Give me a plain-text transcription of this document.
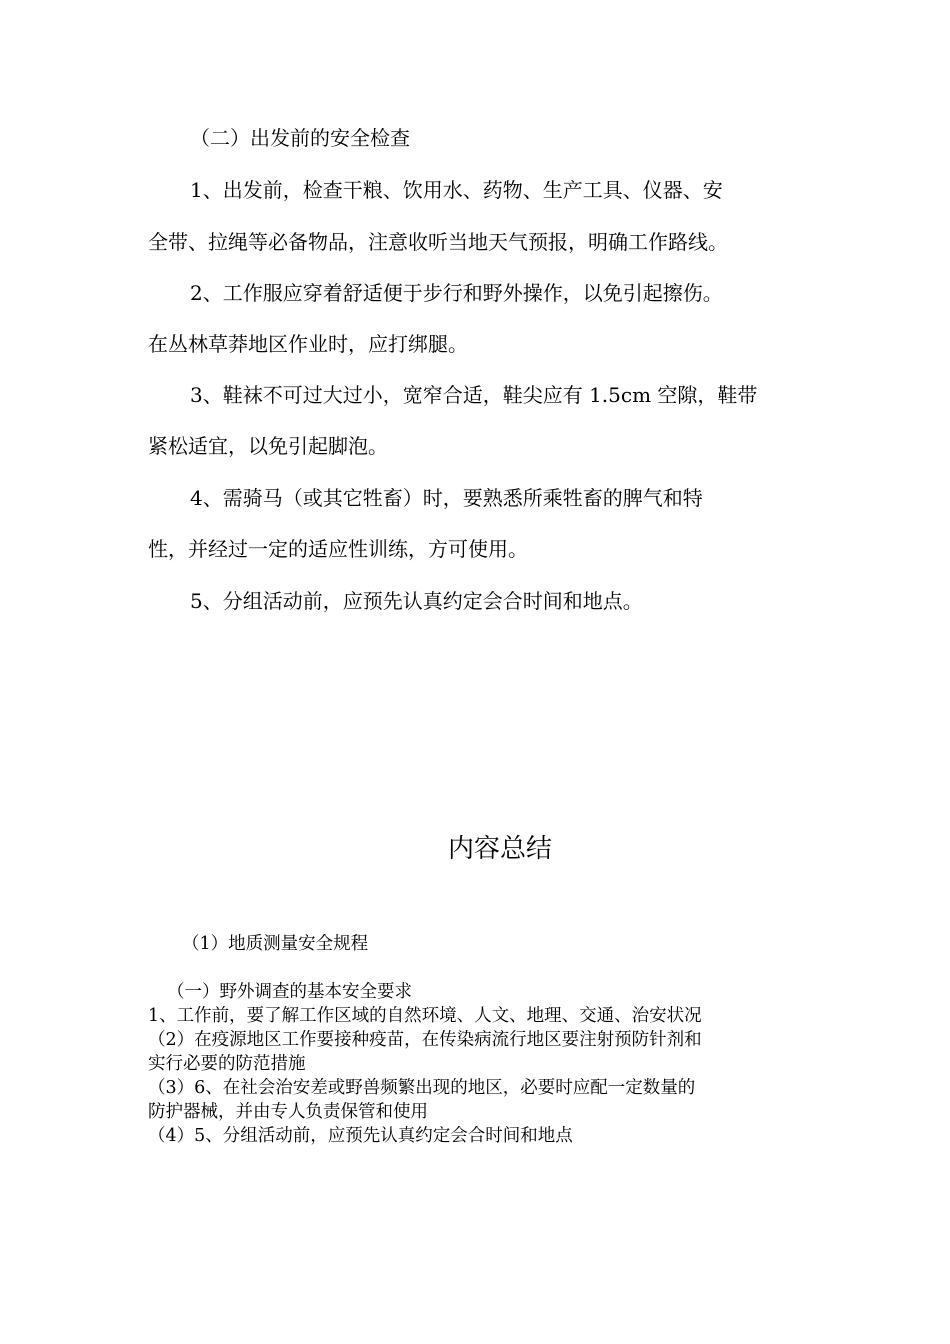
（二）出发前的安全检查

1、出发前，检查干粮、饮用水、药物、生产工具、仪器、安

全带、拉绳等必备物品，注意收听当地天气预报，明确工作路线。

2、工作服应穿着舒适便于步行和野外操作，以免引起擦伤。

在丛林草莽地区作业时，应打绑腿。

3、鞋袜不可过大过小，宽窄合适，鞋尖应有 1.5cm 空隙，鞋带

紧松适宜，以免引起脚泡。

4、需骑马（或其它牲畜）时，要熟悉所乘牲畜的脾气和特

性，并经过一定的适应性训练，方可使用。

5、分组活动前，应预先认真约定会合时间和地点。

内容总结

（1）地质测量安全规程

（一）野外调查的基本安全要求

1、工作前，要了解工作区域的自然环境、人文、地理、交通、治安状况

（2）在疫源地区工作要接种疫苗，在传染病流行地区要注射预防针剂和

实行必要的防范措施

（3）6、在社会治安差或野兽频繁出现的地区，必要时应配一定数量的

防护器械，并由专人负责保管和使用

（4）5、分组活动前，应预先认真约定会合时间和地点
